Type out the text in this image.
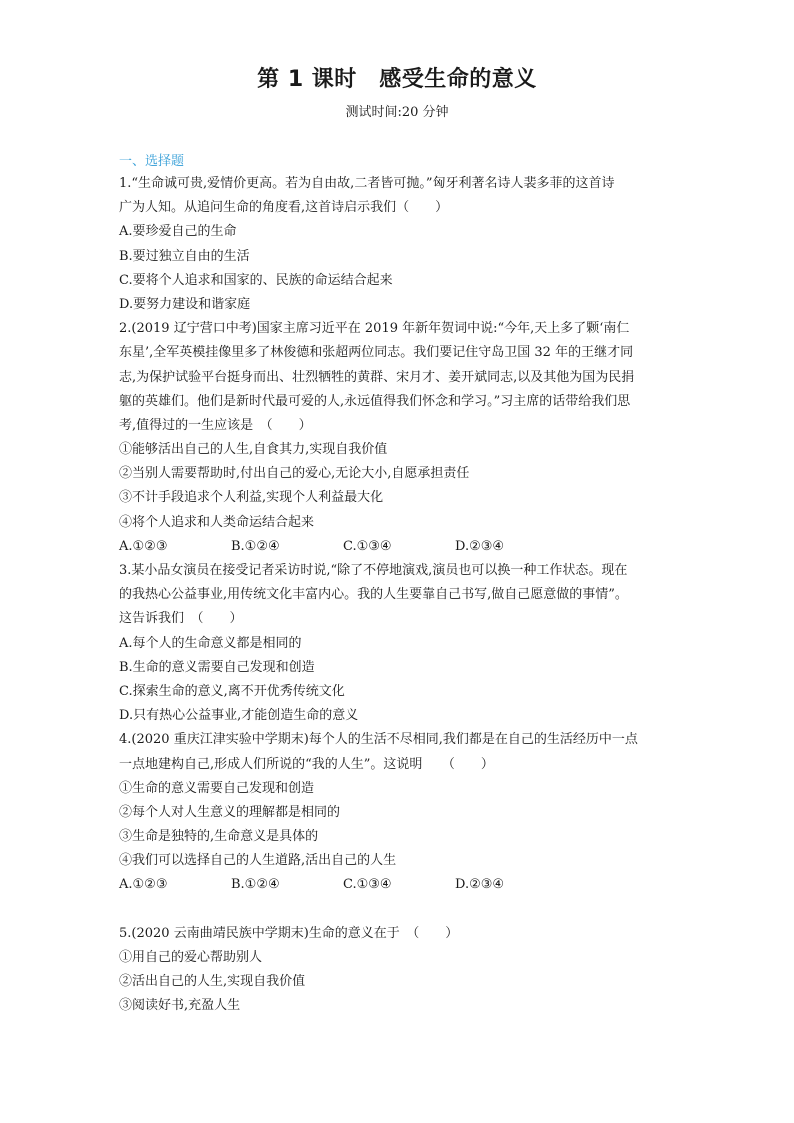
第 1 课时　感受生命的意义
测试时间:20 分钟
一、选择题
1.“生命诚可贵,爱情价更高。若为自由故,二者皆可抛。”匈牙利著名诗人裴多菲的这首诗
广为人知。从追问生命的角度看,这首诗启示我们（　　）
A.要珍爱自己的生命
B.要过独立自由的生活
C.要将个人追求和国家的、民族的命运结合起来
D.要努力建设和谐家庭
2.(2019 辽宁营口中考)国家主席习近平在 2019 年新年贺词中说:“今年,天上多了颗‘南仁
东星’,全军英模挂像里多了林俊德和张超两位同志。我们要记住守岛卫国 32 年的王继才同
志,为保护试验平台挺身而出、壮烈牺牲的黄群、宋月才、姜开斌同志,以及其他为国为民捐
躯的英雄们。他们是新时代最可爱的人,永远值得我们怀念和学习。”习主席的话带给我们思
考,值得过的一生应该是　（　　）
①能够活出自己的人生,自食其力,实现自我价值
②当别人需要帮助时,付出自己的爱心,无论大小,自愿承担责任
③不计手段追求个人利益,实现个人利益最大化
④将个人追求和人类命运结合起来
A.①②③	B.①②④	C.①③④	D.②③④
3.某小品女演员在接受记者采访时说,“除了不停地演戏,演员也可以换一种工作状态。现在
的我热心公益事业,用传统文化丰富内心。我的人生要靠自己书写,做自己愿意做的事情”。
这告诉我们　（　　）
A.每个人的生命意义都是相同的
B.生命的意义需要自己发现和创造
C.探索生命的意义,离不开优秀传统文化
D.只有热心公益事业,才能创造生命的意义
4.(2020 重庆江津实验中学期末)每个人的生活不尽相同,我们都是在自己的生活经历中一点
一点地建构自己,形成人们所说的“我的人生”。这说明　　（　　）
①生命的意义需要自己发现和创造
②每个人对人生意义的理解都是相同的
③生命是独特的,生命意义是具体的
④我们可以选择自己的人生道路,活出自己的人生
A.①②③	B.①②④	C.①③④	D.②③④
5.(2020 云南曲靖民族中学期末)生命的意义在于　（　　）
①用自己的爱心帮助别人
②活出自己的人生,实现自我价值
③阅读好书,充盈人生
